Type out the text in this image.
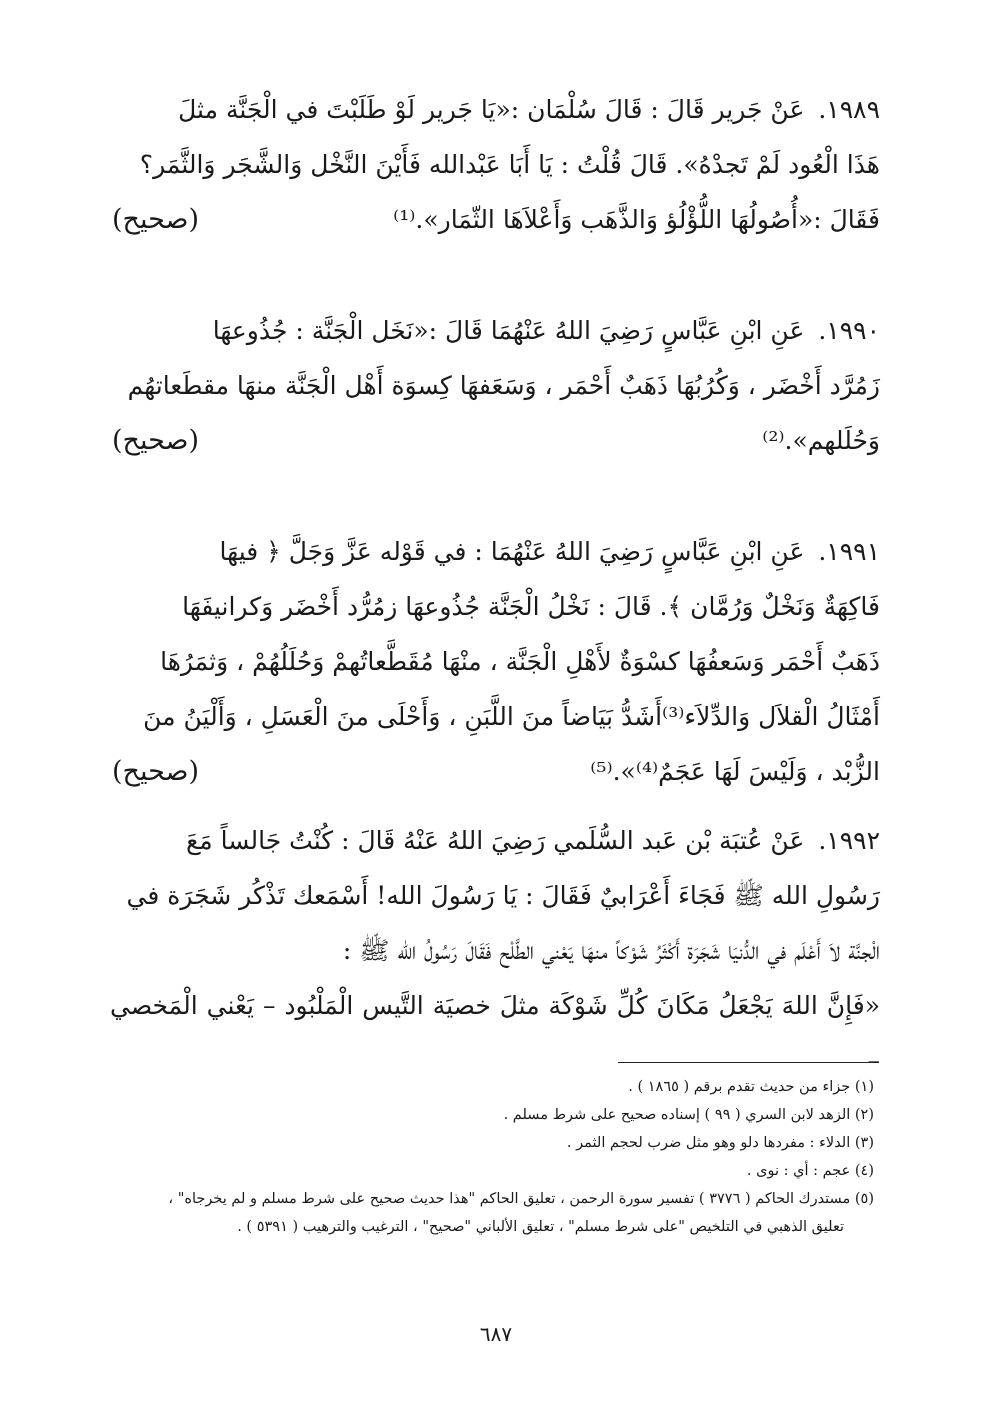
١٩٨٩. عَنْ جَرير قَالَ : قَالَ سُلْمَان :«يَا جَرير لَوْ طَلَبْتَ في الْجَنَّة مثلَ

هَذَا الْعُود لَمْ تَجدْهُ». قَالَ قُلْتُ : يَا أَبَا عَبْدالله فَأَيْنَ النَّخْل وَالشَّجَر وَالثَّمَر؟

فَقَالَ :«أُصُولُهَا اللُّؤْلُؤ وَالذَّهَب وَأَعْلاَهَا الثّمَار».⁽¹⁾
(صحيح)

١٩٩٠. عَنِ ابْنِ عَبَّاسٍ رَضِيَ اللهُ عَنْهُمَا قَالَ :«نَخَل الْجَنَّة : جُذُوعهَا

زَمُرَّد أَخْضَر ، وَكُرُبُهَا ذَهَبٌ أَحْمَر ، وَسَعَفهَا كِسوَة أَهْل الْجَنَّة منهَا مقطَعاتهُم

وَحُلَلهم».⁽²⁾
(صحيح)

١٩٩١. عَنِ ابْنِ عَبَّاسٍ رَضِيَ اللهُ عَنْهُمَا : في قَوْله عَزَّ وَجَلَّ ﴿ فيهَا

فَاكِهَةٌ وَنَخْلٌ وَرُمَّان ﴾. قَالَ : نَخْلُ الْجَنَّة جُذُوعهَا زمُرُّد أَخْضَر وَكرانيفَهَا

ذَهَبٌ أَحْمَر وَسَعفُهَا كسْوَةٌ لأَهْلِ الْجَنَّة ، منْهَا مُقَطَّعاتُهمْ وَحُلَلُهُمْ ، وَثمَرُهَا

أَمْثَالُ الْقلاَل وَالدِّلاَء⁽³⁾أَشَدُّ بَيَاضاً منَ اللَّبَنِ ، وَأَحْلَى منَ الْعَسَلِ ، وَأَلْيَنُ منَ

الزُّبْد ، وَلَيْسَ لَهَا عَجَمٌ⁽⁴⁾».⁽⁵⁾
(صحيح)

١٩٩٢. عَنْ عُتبَة بْن عَبد السُّلَمي رَضِيَ اللهُ عَنْهُ قَالَ : كُنْتُ جَالساً مَعَ

رَسُولِ الله ﷺ فَجَاءَ أَعْرَابيٌ فَقَالَ : يَا رَسُولَ الله! أَسْمَعك تَذْكُر شَجَرَة في

الْجنَّة لاَ أَعْلَم في الدُّنيَا شَجَرَة أَكْثَرُ شَوْكاً منهَا يَعْني الطَّلْح فَقَالَ رَسُولُ الله ﷺ :

«فَإِنَّ اللهَ يَجْعَلُ مَكَانَ كُلِّ شَوْكَة مثلَ خصيَة التَّيس الْمَلْبُود – يَعْني الْمَخصي –

(١) جزاء من حديث تقدم برقم ( ١٨٦٥ ) .

(٢) الزهد لابن السري ( ٩٩ ) إسناده صحيح على شرط مسلم .

(٣) الدلاء : مفردها دلو وهو مثل ضرب لحجم الثمر .

(٤) عجم : أي : نوى .

(٥) مستدرك الحاكم ( ٣٧٧٦ ) تفسير سورة الرحمن ، تعليق الحاكم "هذا حديث صحيح على شرط مسلم و لم يخرجاه" ،

تعليق الذهبي في التلخيص "على شرط مسلم" ، تعليق الألباني "صحيح" ، الترغيب والترهيب ( ٥٣٩١ ) .

٦٨٧
